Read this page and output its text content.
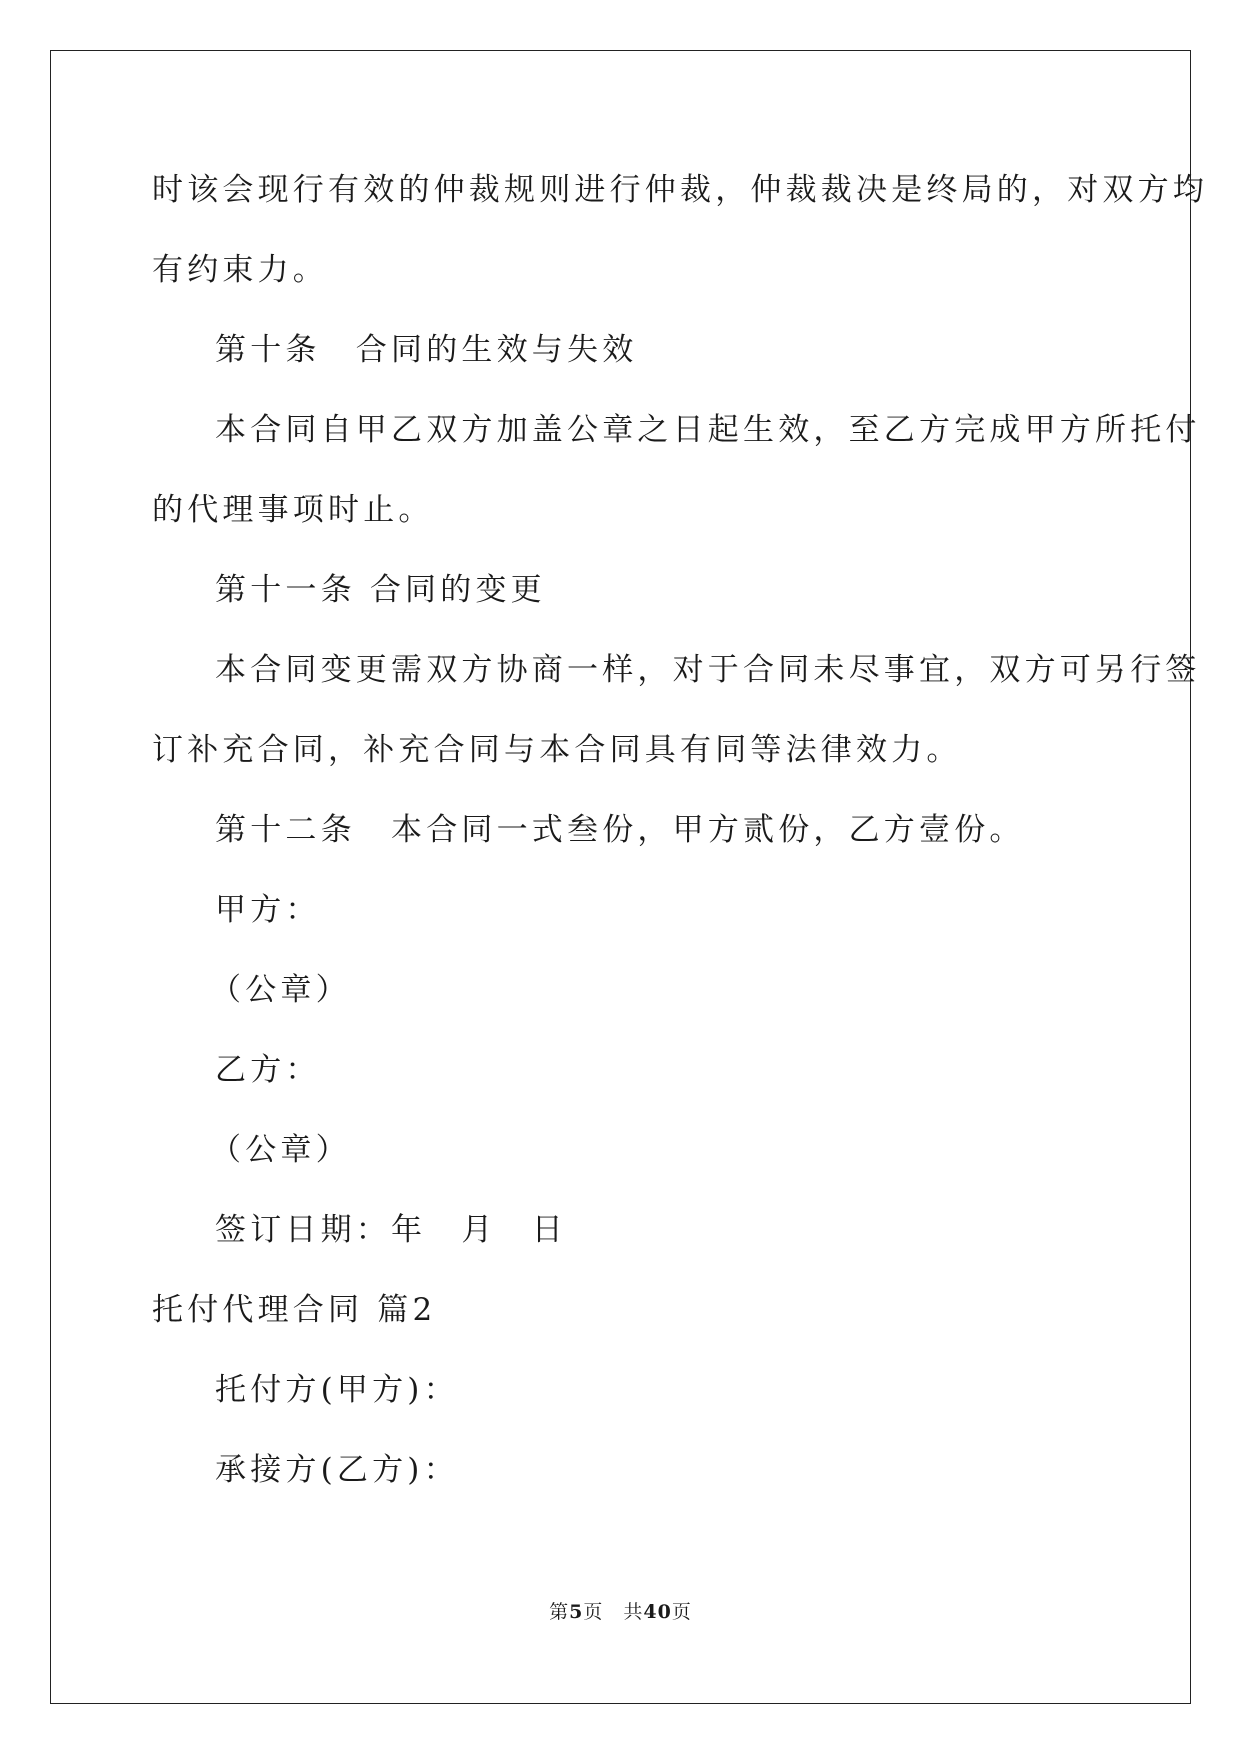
时该会现行有效的仲裁规则进行仲裁，仲裁裁决是终局的，对双方均
有约束力。
第十条　合同的生效与失效
本合同自甲乙双方加盖公章之日起生效，至乙方完成甲方所托付
的代理事项时止。
第十一条 合同的变更
本合同变更需双方协商一样，对于合同未尽事宜，双方可另行签
订补充合同，补充合同与本合同具有同等法律效力。
第十二条　本合同一式叁份，甲方贰份，乙方壹份。
甲方：
（公章）
乙方：
（公章）
签订日期：年　月　日
托付代理合同 篇2
托付方(甲方)：
承接方(乙方)：
第5页　共40页
